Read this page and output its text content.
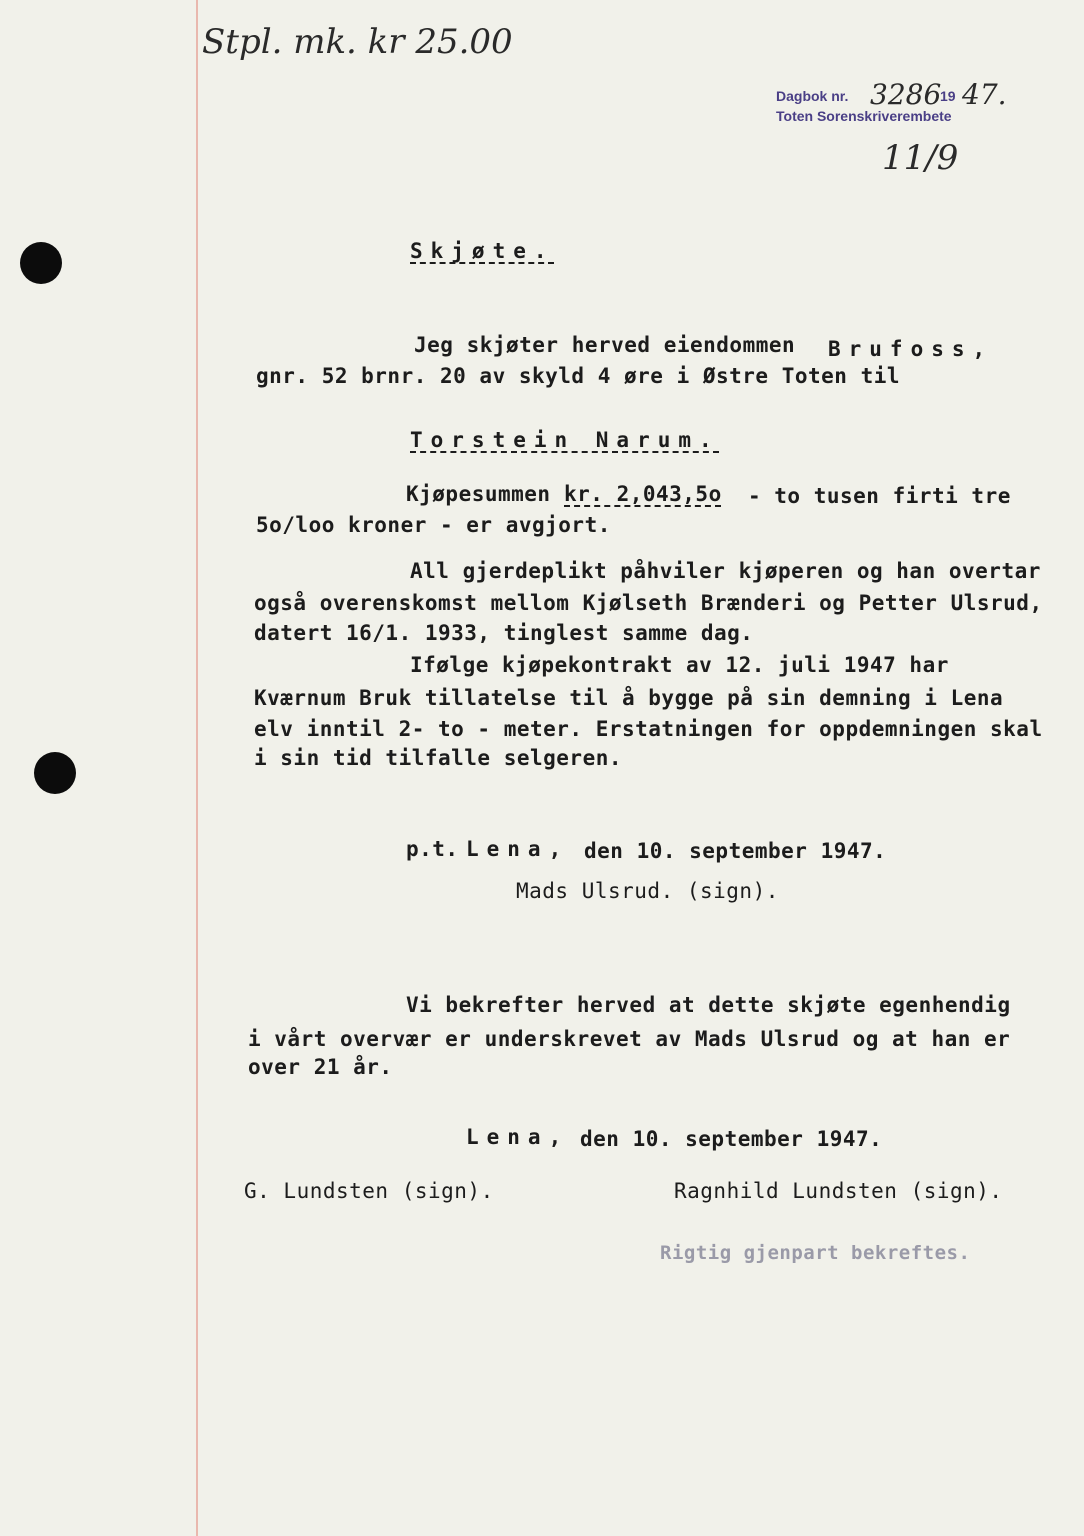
Stpl. mk. kr 25.00
Dagbok nr. 3286
19 47.
Toten Sorenskriverembete
11/9
Skjøte.
Jeg skjøter herved eiendommen Brufoss,
gnr. 52 brnr. 20 av skyld 4 øre i Østre Toten til
Torstein Narum.
Kjøpesummen kr. 2,043,5o - to tusen firti tre
5o/loo kroner - er avgjort.
All gjerdeplikt påhviler kjøperen og han overtar
også overenskomst mellom Kjølseth Brænderi og Petter Ulsrud,
datert 16/1. 1933, tinglest samme dag.
Ifølge kjøpekontrakt av 12. juli 1947 har
Kværnum Bruk tillatelse til å bygge på sin demning i Lena
elv inntil 2- to - meter. Erstatningen for oppdemningen skal
i sin tid tilfalle selgeren.
p.t. Lena, den 10. september 1947.
Mads Ulsrud. (sign).
Vi bekrefter herved at dette skjøte egenhendig
i vårt overvær er underskrevet av Mads Ulsrud og at han er
over 21 år.
Lena, den 10. september 1947.
G. Lundsten (sign).	Ragnhild Lundsten (sign).
Rigtig gjenpart bekreftes.
